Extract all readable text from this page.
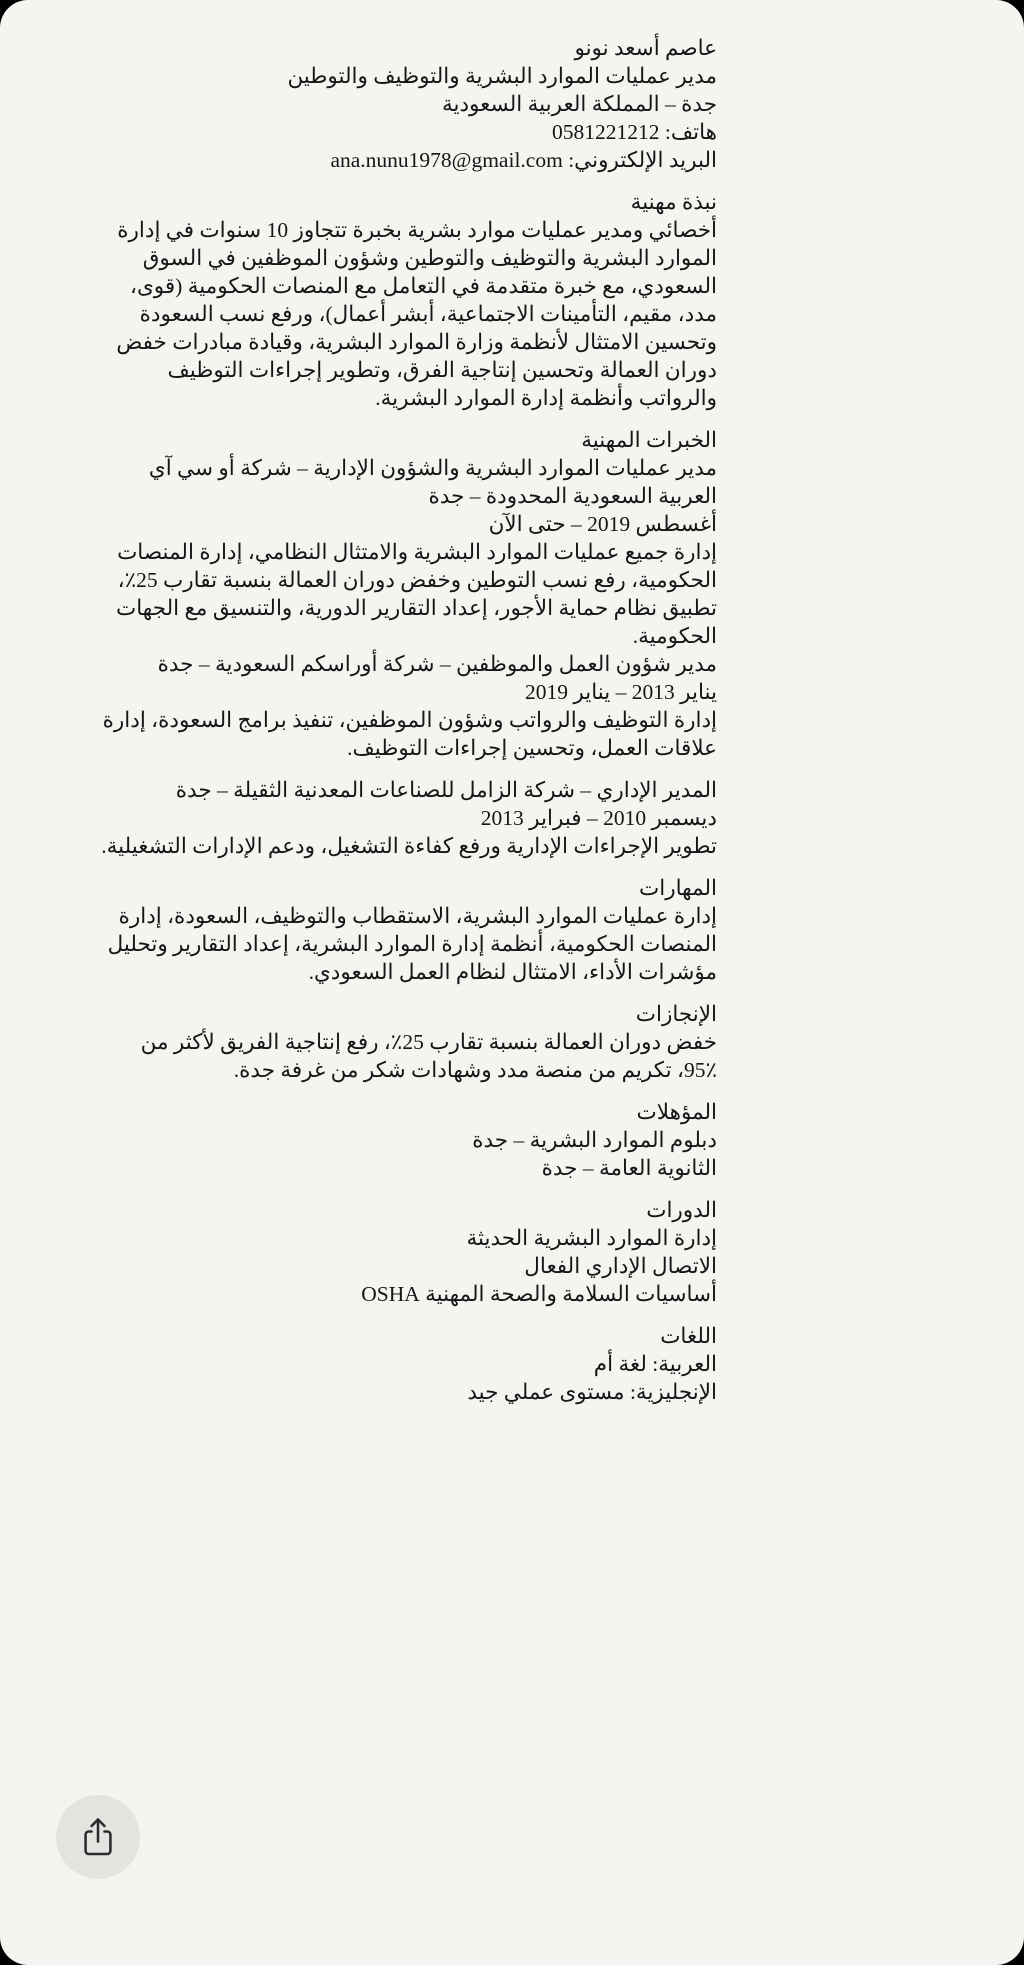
عاصم أسعد نونو
مدير عمليات الموارد البشرية والتوظيف والتوطين
جدة – المملكة العربية السعودية
هاتف: 0581221212
البريد الإلكتروني: ana.nunu1978@gmail.com
نبذة مهنية
أخصائي ومدير عمليات موارد بشرية بخبرة تتجاوز 10 سنوات في إدارة
الموارد البشرية والتوظيف والتوطين وشؤون الموظفين في السوق
السعودي، مع خبرة متقدمة في التعامل مع المنصات الحكومية (قوى،
مدد، مقيم، التأمينات الاجتماعية، أبشر أعمال)، ورفع نسب السعودة
وتحسين الامتثال لأنظمة وزارة الموارد البشرية، وقيادة مبادرات خفض
دوران العمالة وتحسين إنتاجية الفرق، وتطوير إجراءات التوظيف
والرواتب وأنظمة إدارة الموارد البشرية.
الخبرات المهنية
مدير عمليات الموارد البشرية والشؤون الإدارية – شركة أو سي آي
العربية السعودية المحدودة – جدة
أغسطس 2019 – حتى الآن
إدارة جميع عمليات الموارد البشرية والامتثال النظامي، إدارة المنصات
الحكومية، رفع نسب التوطين وخفض دوران العمالة بنسبة تقارب 25٪،
تطبيق نظام حماية الأجور، إعداد التقارير الدورية، والتنسيق مع الجهات
الحكومية.
مدير شؤون العمل والموظفين – شركة أوراسكم السعودية – جدة
يناير 2013 – يناير 2019
إدارة التوظيف والرواتب وشؤون الموظفين، تنفيذ برامج السعودة، إدارة
علاقات العمل، وتحسين إجراءات التوظيف.
المدير الإداري – شركة الزامل للصناعات المعدنية الثقيلة – جدة
ديسمبر 2010 – فبراير 2013
تطوير الإجراءات الإدارية ورفع كفاءة التشغيل، ودعم الإدارات التشغيلية.
المهارات
إدارة عمليات الموارد البشرية، الاستقطاب والتوظيف، السعودة، إدارة
المنصات الحكومية، أنظمة إدارة الموارد البشرية، إعداد التقارير وتحليل
مؤشرات الأداء، الامتثال لنظام العمل السعودي.
الإنجازات
خفض دوران العمالة بنسبة تقارب 25٪، رفع إنتاجية الفريق لأكثر من
95٪، تكريم من منصة مدد وشهادات شكر من غرفة جدة.
المؤهلات
دبلوم الموارد البشرية – جدة
الثانوية العامة – جدة
الدورات
إدارة الموارد البشرية الحديثة
الاتصال الإداري الفعال
أساسيات السلامة والصحة المهنية OSHA
اللغات
العربية: لغة أم
الإنجليزية: مستوى عملي جيد
